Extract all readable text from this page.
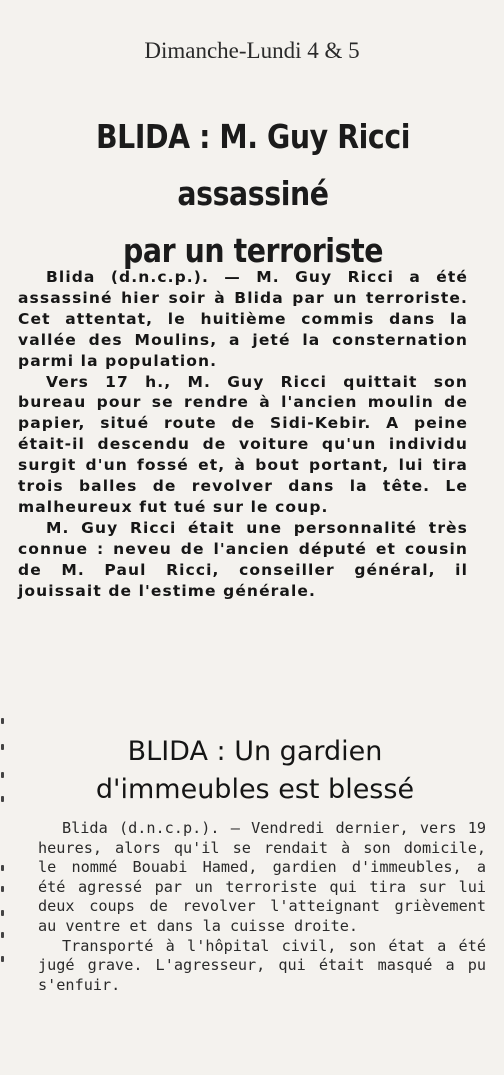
Dimanche-Lundi 4 & 5
BLIDA : M. Guy Ricci
assassiné
par un terroriste

Blida (d.n.c.p.). — M. Guy Ricci a été assassiné hier soir à Blida par un terroriste. Cet attentat, le huitième commis dans la vallée des Moulins, a jeté la consternation parmi la population.

Vers 17 h., M. Guy Ricci quittait son bureau pour se rendre à l'ancien moulin de papier, situé route de Sidi-Kebir. A peine était-il descendu de voiture qu'un individu surgit d'un fossé et, à bout portant, lui tira trois balles de revolver dans la tête. Le malheureux fut tué sur le coup.

M. Guy Ricci était une personnalité très connue : neveu de l'ancien député et cousin de M. Paul Ricci, conseiller général, il jouissait de l'estime générale.

BLIDA : Un gardien
d'immeubles est blessé

Blida (d.n.c.p.). — Vendredi dernier, vers 19 heures, alors qu'il se rendait à son domicile, le nommé Bouabi Hamed, gardien d'immeubles, a été agressé par un terroriste qui tira sur lui deux coups de revolver l'atteignant grièvement au ventre et dans la cuisse droite.

Transporté à l'hôpital civil, son état a été jugé grave. L'agresseur, qui était masqué a pu s'enfuir.
